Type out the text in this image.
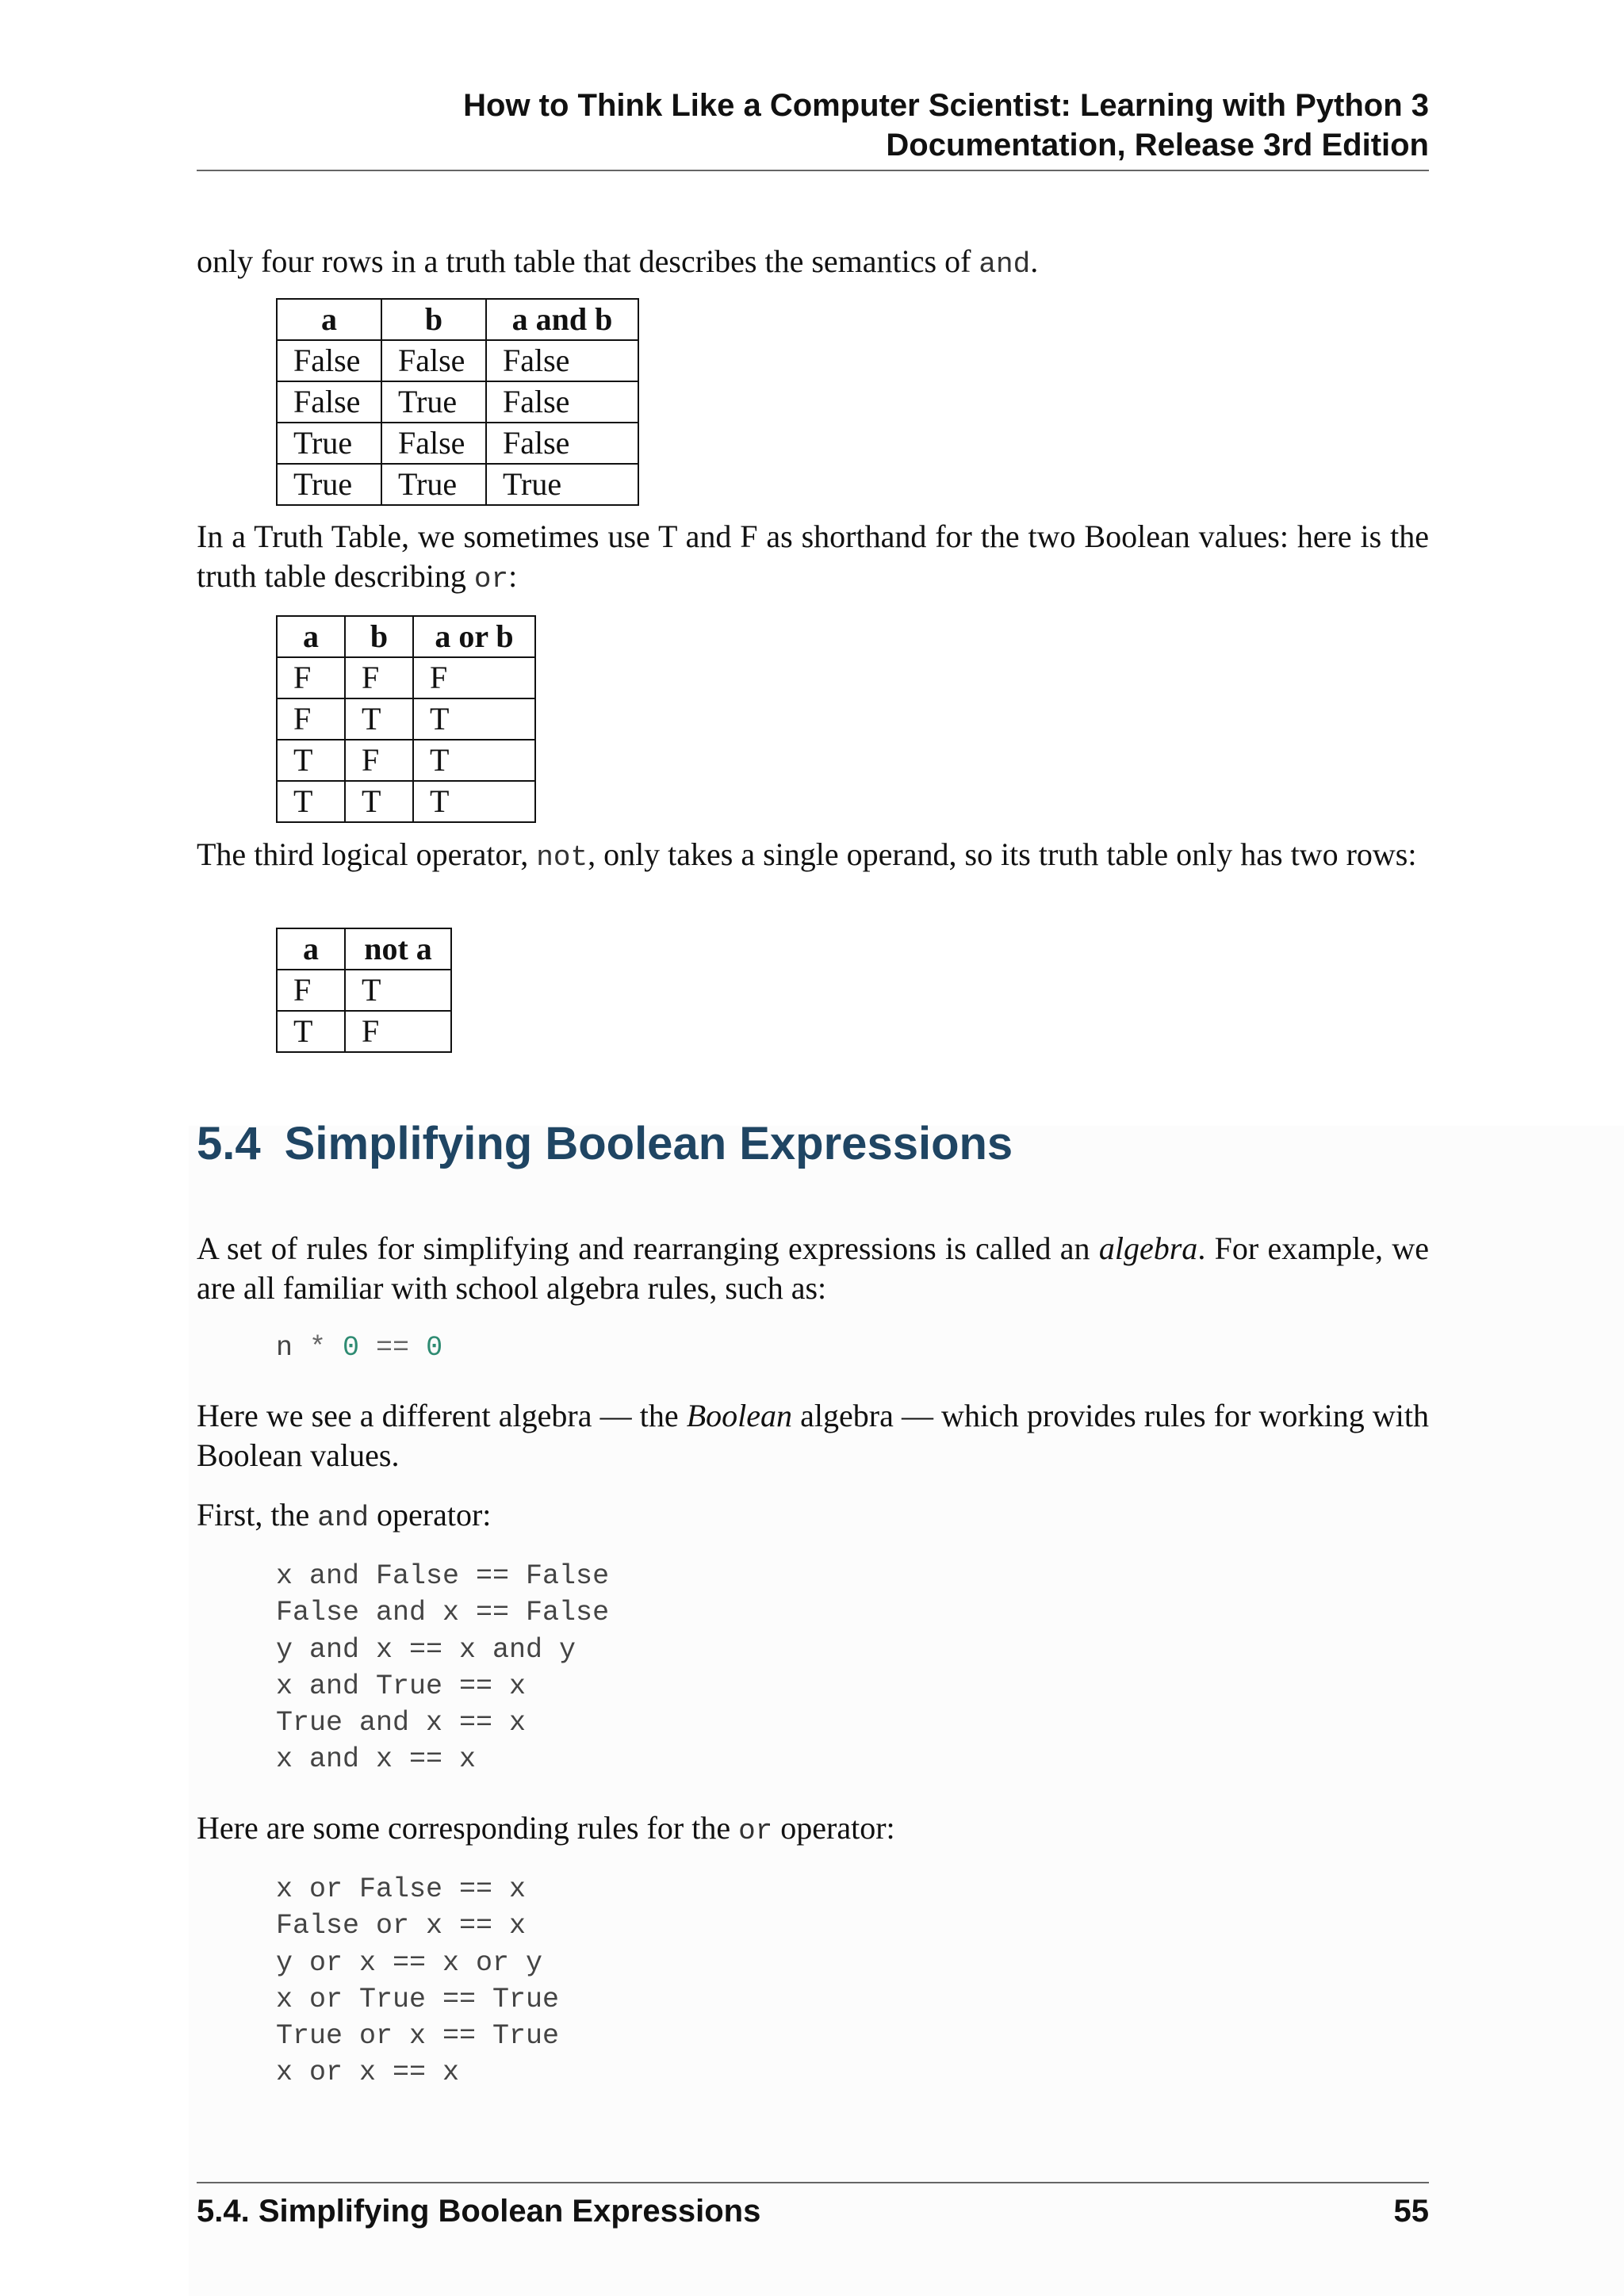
How to Think Like a Computer Scientist: Learning with Python 3
Documentation, Release 3rd Edition

only four rows in a truth table that describes the semantics of and.

a	b	a and b
False	False	False
False	True	False
True	False	False
True	True	True

In a Truth Table, we sometimes use T and F as shorthand for the two Boolean values: here is the truth table describing or:

a	b	a or b
F	F	F
F	T	T
T	F	T
T	T	T

The third logical operator, not, only takes a single operand, so its truth table only has two rows:

a	not a
F	T
T	F
5.4 Simplifying Boolean Expressions

A set of rules for simplifying and rearranging expressions is called an algebra. For example, we are all familiar with school algebra rules, such as:

n * 0 == 0

Here we see a different algebra — the Boolean algebra — which provides rules for working with Boolean values.

First, the and operator:

x and False == False
False and x == False
y and x == x and y
x and True == x
True and x == x
x and x == x

Here are some corresponding rules for the or operator:

x or False == x
False or x == x
y or x == x or y
x or True == True
True or x == True
x or x == x
5.4. Simplifying Boolean Expressions	55
